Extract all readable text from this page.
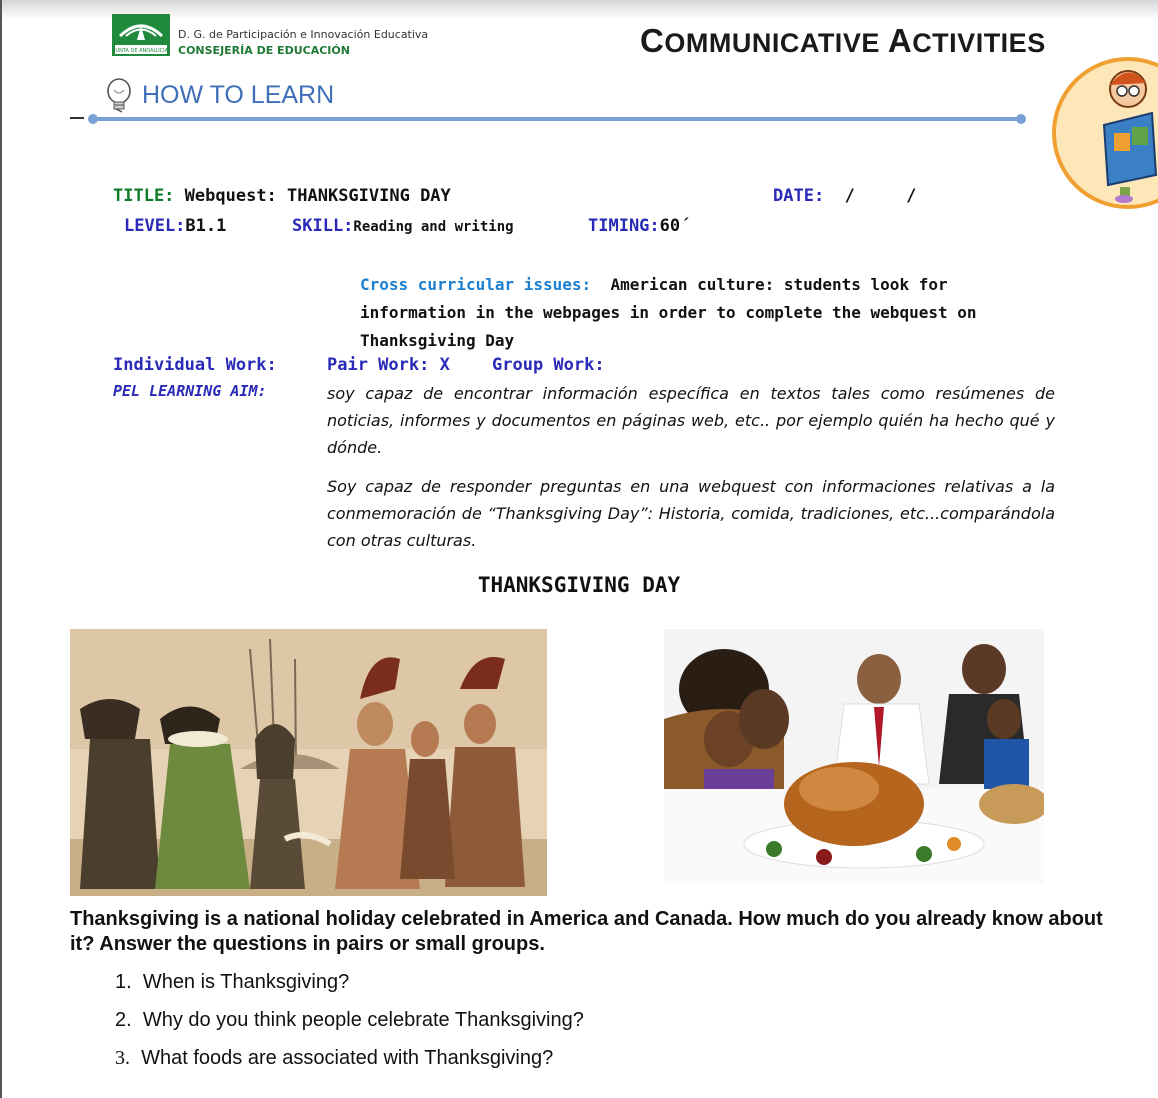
JUNTA DE ANDALUCIA
D. G. de Participación e Innovación Educativa
CONSEJERÍA DE EDUCACIÓN	COMMUNICATIVE ACTIVITIES
HOW TO LEARN
TITLE: Webquest: THANKSGIVING DAY	DATE: /     /
LEVEL:B1.1	SKILL:Reading and writing	TIMING:60´
Cross curricular issues: American culture: students look for
information in the webpages in order to complete the webquest on
Thanksgiving Day
Individual Work:	Pair Work: X Group Work:
PEL LEARNING AIM:	soy capaz de encontrar información específica en textos tales como resúmenes de noticias, informes y documentos en páginas web, etc.. por ejemplo quién ha hecho qué y dónde.
Soy capaz de responder preguntas en una webquest con informaciones relativas a la conmemoración de “Thanksgiving Day”: Historia, comida, tradiciones, etc...comparándola con otras culturas.
THANKSGIVING DAY
Thanksgiving is a national holiday celebrated in America and Canada. How much do you already know about it? Answer the questions in pairs or small groups.
1. When is Thanksgiving?
2. Why do you think people celebrate Thanksgiving?
3. What foods are associated with Thanksgiving?
